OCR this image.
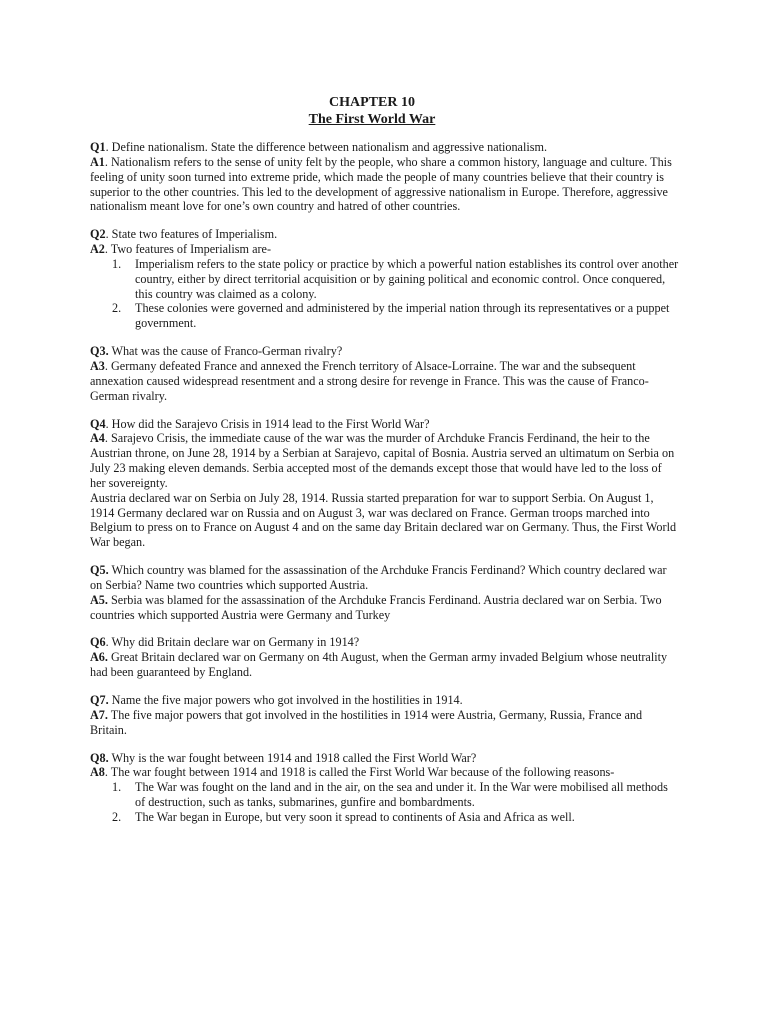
CHAPTER 10
The First World War

Q1. Define nationalism. State the difference between nationalism and aggressive nationalism.

A1. Nationalism refers to the sense of unity felt by the people, who share a common history, language and culture. This feeling of unity soon turned into extreme pride, which made the people of many countries believe that their country is superior to the other countries. This led to the development of aggressive nationalism in Europe. Therefore, aggressive nationalism meant love for one’s own country and hatred of other countries.

Q2. State two features of Imperialism.

A2. Two features of Imperialism are-

1. Imperialism refers to the state policy or practice by which a powerful nation establishes its control over another country, either by direct territorial acquisition or by gaining political and economic control. Once conquered, this country was claimed as a colony.
2. These colonies were governed and administered by the imperial nation through its representatives or a puppet government.

Q3. What was the cause of Franco-German rivalry?

A3. Germany defeated France and annexed the French territory of Alsace-Lorraine. The war and the subsequent annexation caused widespread resentment and a strong desire for revenge in France. This was the cause of Franco-German rivalry.

Q4. How did the Sarajevo Crisis in 1914 lead to the First World War?

A4. Sarajevo Crisis, the immediate cause of the war was the murder of Archduke Francis Ferdinand, the heir to the Austrian throne, on June 28, 1914 by a Serbian at Sarajevo, capital of Bosnia. Austria served an ultimatum on Serbia on July 23 making eleven demands. Serbia accepted most of the demands except those that would have led to the loss of her sovereignty.

Austria declared war on Serbia on July 28, 1914. Russia started preparation for war to support Serbia. On August 1, 1914 Germany declared war on Russia and on August 3, war was declared on France. German troops marched into Belgium to press on to France on August 4 and on the same day Britain declared war on Germany. Thus, the First World War began.

Q5. Which country was blamed for the assassination of the Archduke Francis Ferdinand? Which country declared war on Serbia? Name two countries which supported Austria.

A5. Serbia was blamed for the assassination of the Archduke Francis Ferdinand. Austria declared war on Serbia. Two countries which supported Austria were Germany and Turkey

Q6. Why did Britain declare war on Germany in 1914?

A6. Great Britain declared war on Germany on 4th August, when the German army invaded Belgium whose neutrality had been guaranteed by England.

Q7. Name the five major powers who got involved in the hostilities in 1914.

A7. The five major powers that got involved in the hostilities in 1914 were Austria, Germany, Russia, France and Britain.

Q8. Why is the war fought between 1914 and 1918 called the First World War?

A8. The war fought between 1914 and 1918 is called the First World War because of the following reasons-

1. The War was fought on the land and in the air, on the sea and under it. In the War were mobilised all methods of destruction, such as tanks, submarines, gunfire and bombardments.
2. The War began in Europe, but very soon it spread to continents of Asia and Africa as well.
